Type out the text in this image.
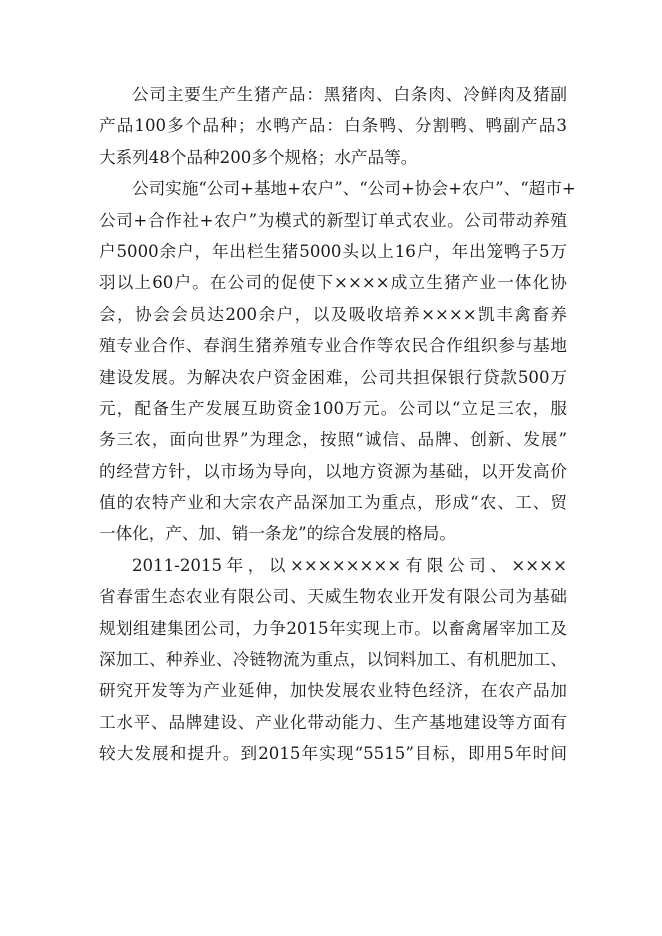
公司主要生产生猪产品：黑猪肉、白条肉、冷鲜肉及猪副
产品100多个品种；水鸭产品：白条鸭、分割鸭、鸭副产品3
大系列48个品种200多个规格；水产品等。
公司实施“公司+基地+农户”、“公司+协会+农户”、“超市+
公司+合作社+农户”为模式的新型订单式农业。公司带动养殖
户5000余户，年出栏生猪5000头以上16户，年出笼鸭子5万
羽以上60户。在公司的促使下××××成立生猪产业一体化协
会，协会会员达200余户，以及吸收培养××××凯丰禽畜养
殖专业合作、春润生猪养殖专业合作等农民合作组织参与基地
建设发展。为解决农户资金困难，公司共担保银行贷款500万
元，配备生产发展互助资金100万元。公司以“立足三农，服
务三农，面向世界”为理念，按照“诚信、品牌、创新、发展”
的经营方针，以市场为导向，以地方资源为基础，以开发高价
值的农特产业和大宗农产品深加工为重点，形成“农、工、贸
一体化，产、加、销一条龙”的综合发展的格局。
2011-2015年，以××××××××有限公司、××××
省春雷生态农业有限公司、天威生物农业开发有限公司为基础
规划组建集团公司，力争2015年实现上市。以畜禽屠宰加工及
深加工、种养业、冷链物流为重点，以饲料加工、有机肥加工、
研究开发等为产业延伸，加快发展农业特色经济，在农产品加
工水平、品牌建设、产业化带动能力、生产基地建设等方面有
较大发展和提升。到2015年实现“5515”目标，即用5年时间
